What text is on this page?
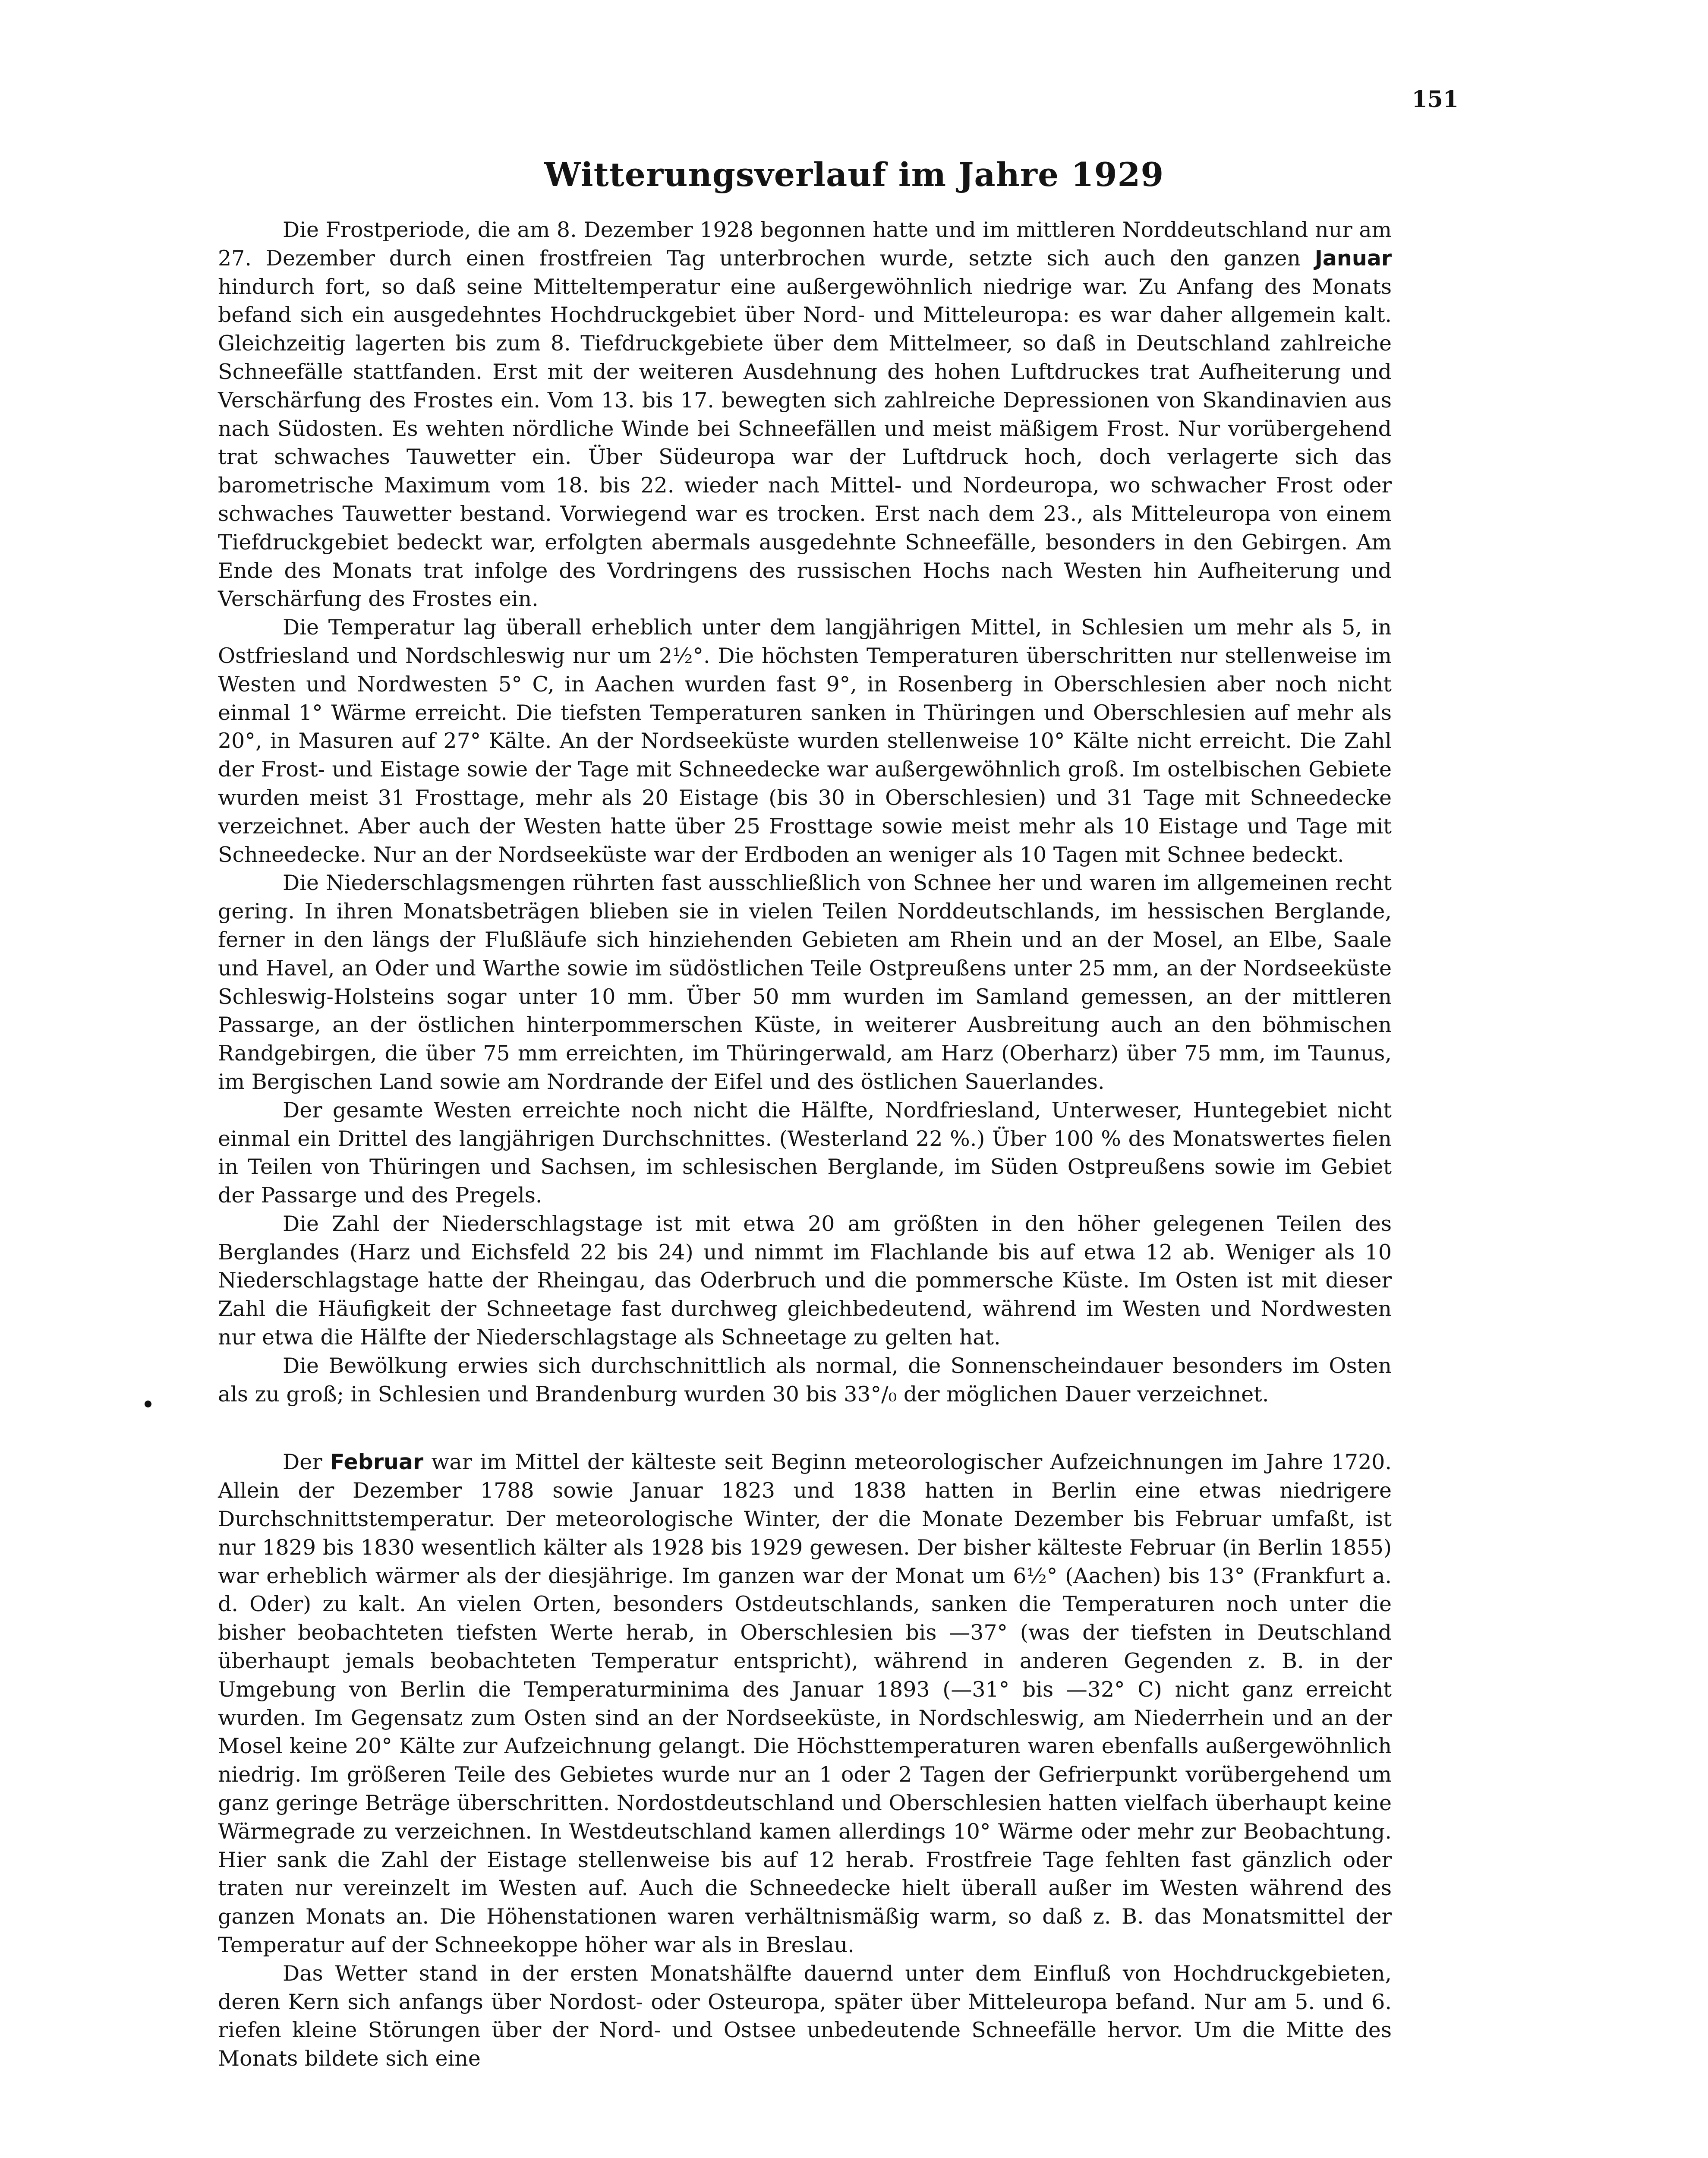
151
Witterungsverlauf im Jahre 1929

Die Frostperiode, die am 8. Dezember 1928 begonnen hatte und im mittleren Norddeutschland nur am 27. Dezember durch einen frostfreien Tag unterbrochen wurde, setzte sich auch den ganzen Januar hindurch fort, so daß seine Mitteltemperatur eine außergewöhnlich niedrige war. Zu Anfang des Monats befand sich ein ausgedehntes Hochdruckgebiet über Nord- und Mitteleuropa: es war daher allgemein kalt. Gleichzeitig lagerten bis zum 8. Tiefdruckgebiete über dem Mittelmeer, so daß in Deutschland zahlreiche Schneefälle stattfanden. Erst mit der weiteren Ausdehnung des hohen Luftdruckes trat Aufheiterung und Verschärfung des Frostes ein. Vom 13. bis 17. bewegten sich zahlreiche Depressionen von Skandinavien aus nach Südosten. Es wehten nördliche Winde bei Schneefällen und meist mäßigem Frost. Nur vorübergehend trat schwaches Tauwetter ein. Über Südeuropa war der Luftdruck hoch, doch verlagerte sich das barometrische Maximum vom 18. bis 22. wieder nach Mittel- und Nordeuropa, wo schwacher Frost oder schwaches Tauwetter bestand. Vorwiegend war es trocken. Erst nach dem 23., als Mitteleuropa von einem Tiefdruckgebiet bedeckt war, erfolgten abermals ausgedehnte Schneefälle, besonders in den Gebirgen. Am Ende des Monats trat infolge des Vordringens des russischen Hochs nach Westen hin Aufheiterung und Verschärfung des Frostes ein.

Die Temperatur lag überall erheblich unter dem langjährigen Mittel, in Schlesien um mehr als 5, in Ostfriesland und Nordschleswig nur um 2½°. Die höchsten Temperaturen überschritten nur stellenweise im Westen und Nordwesten 5° C, in Aachen wurden fast 9°, in Rosenberg in Oberschlesien aber noch nicht einmal 1° Wärme erreicht. Die tiefsten Temperaturen sanken in Thüringen und Oberschlesien auf mehr als 20°, in Masuren auf 27° Kälte. An der Nordseeküste wurden stellenweise 10° Kälte nicht erreicht. Die Zahl der Frost- und Eistage sowie der Tage mit Schneedecke war außergewöhnlich groß. Im ostelbischen Gebiete wurden meist 31 Frosttage, mehr als 20 Eistage (bis 30 in Oberschlesien) und 31 Tage mit Schneedecke verzeichnet. Aber auch der Westen hatte über 25 Frosttage sowie meist mehr als 10 Eistage und Tage mit Schneedecke. Nur an der Nordseeküste war der Erdboden an weniger als 10 Tagen mit Schnee bedeckt.

Die Niederschlagsmengen rührten fast ausschließlich von Schnee her und waren im allgemeinen recht gering. In ihren Monatsbeträgen blieben sie in vielen Teilen Norddeutschlands, im hessischen Berglande, ferner in den längs der Flußläufe sich hinziehenden Gebieten am Rhein und an der Mosel, an Elbe, Saale und Havel, an Oder und Warthe sowie im südöstlichen Teile Ostpreußens unter 25 mm, an der Nordseeküste Schleswig-Holsteins sogar unter 10 mm. Über 50 mm wurden im Samland gemessen, an der mittleren Passarge, an der östlichen hinterpommerschen Küste, in weiterer Ausbreitung auch an den böhmischen Randgebirgen, die über 75 mm erreichten, im Thüringerwald, am Harz (Oberharz) über 75 mm, im Taunus, im Bergischen Land sowie am Nordrande der Eifel und des östlichen Sauerlandes.

Der gesamte Westen erreichte noch nicht die Hälfte, Nordfriesland, Unterweser, Huntegebiet nicht einmal ein Drittel des langjährigen Durchschnittes. (Westerland 22 %.) Über 100 % des Monatswertes fielen in Teilen von Thüringen und Sachsen, im schlesischen Berglande, im Süden Ostpreußens sowie im Gebiet der Passarge und des Pregels.

Die Zahl der Niederschlagstage ist mit etwa 20 am größten in den höher gelegenen Teilen des Berglandes (Harz und Eichsfeld 22 bis 24) und nimmt im Flachlande bis auf etwa 12 ab. Weniger als 10 Niederschlagstage hatte der Rheingau, das Oderbruch und die pommersche Küste. Im Osten ist mit dieser Zahl die Häufigkeit der Schneetage fast durchweg gleichbedeutend, während im Westen und Nordwesten nur etwa die Hälfte der Niederschlagstage als Schneetage zu gelten hat.

Die Bewölkung erwies sich durchschnittlich als normal, die Sonnenscheindauer besonders im Osten als zu groß; in Schlesien und Brandenburg wurden 30 bis 33°/₀ der möglichen Dauer verzeichnet.

Der Februar war im Mittel der kälteste seit Beginn meteorologischer Aufzeichnungen im Jahre 1720. Allein der Dezember 1788 sowie Januar 1823 und 1838 hatten in Berlin eine etwas niedrigere Durchschnittstemperatur. Der meteorologische Winter, der die Monate Dezember bis Februar umfaßt, ist nur 1829 bis 1830 wesentlich kälter als 1928 bis 1929 gewesen. Der bisher kälteste Februar (in Berlin 1855) war erheblich wärmer als der diesjährige. Im ganzen war der Monat um 6½° (Aachen) bis 13° (Frankfurt a. d. Oder) zu kalt. An vielen Orten, besonders Ostdeutschlands, sanken die Temperaturen noch unter die bisher beobachteten tiefsten Werte herab, in Oberschlesien bis —37° (was der tiefsten in Deutschland überhaupt jemals beobachteten Temperatur entspricht), während in anderen Gegenden z. B. in der Umgebung von Berlin die Temperaturminima des Januar 1893 (—31° bis —32° C) nicht ganz erreicht wurden. Im Gegensatz zum Osten sind an der Nordseeküste, in Nordschleswig, am Niederrhein und an der Mosel keine 20° Kälte zur Aufzeichnung gelangt. Die Höchsttemperaturen waren ebenfalls außergewöhnlich niedrig. Im größeren Teile des Gebietes wurde nur an 1 oder 2 Tagen der Gefrierpunkt vorübergehend um ganz geringe Beträge überschritten. Nordostdeutschland und Oberschlesien hatten vielfach überhaupt keine Wärmegrade zu verzeichnen. In Westdeutschland kamen allerdings 10° Wärme oder mehr zur Beobachtung. Hier sank die Zahl der Eistage stellenweise bis auf 12 herab. Frostfreie Tage fehlten fast gänzlich oder traten nur vereinzelt im Westen auf. Auch die Schneedecke hielt überall außer im Westen während des ganzen Monats an. Die Höhenstationen waren verhältnismäßig warm, so daß z. B. das Monatsmittel der Temperatur auf der Schneekoppe höher war als in Breslau.

Das Wetter stand in der ersten Monatshälfte dauernd unter dem Einfluß von Hochdruckgebieten, deren Kern sich anfangs über Nordost- oder Osteuropa, später über Mitteleuropa befand. Nur am 5. und 6. riefen kleine Störungen über der Nord- und Ostsee unbedeutende Schneefälle hervor. Um die Mitte des Monats bildete sich eine
